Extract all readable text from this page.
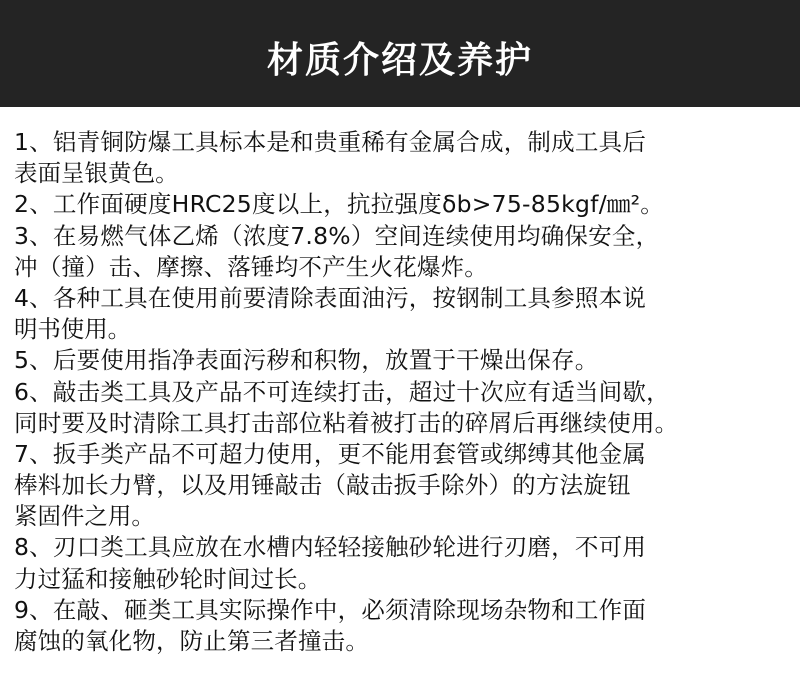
材质介绍及养护
1、铝青铜防爆工具标本是和贵重稀有金属合成，制成工具后
表面呈银黄色。
2、工作面硬度HRC25度以上，抗拉强度δb>75-85kgf/㎜²。
3、在易燃气体乙烯（浓度7.8%）空间连续使用均确保安全，
冲（撞）击、摩擦、落锤均不产生火花爆炸。
4、各种工具在使用前要清除表面油污，按钢制工具参照本说
明书使用。
5、后要使用指净表面污秽和积物，放置于干燥出保存。
6、敲击类工具及产品不可连续打击，超过十次应有适当间歇，
同时要及时清除工具打击部位粘着被打击的碎屑后再继续使用。
7、扳手类产品不可超力使用，更不能用套管或绑缚其他金属
棒料加长力臂，以及用锤敲击（敲击扳手除外）的方法旋钮
紧固件之用。
8、刃口类工具应放在水槽内轻轻接触砂轮进行刃磨，不可用
力过猛和接触砂轮时间过长。
9、在敲、砸类工具实际操作中，必须清除现场杂物和工作面
腐蚀的氧化物，防止第三者撞击。
